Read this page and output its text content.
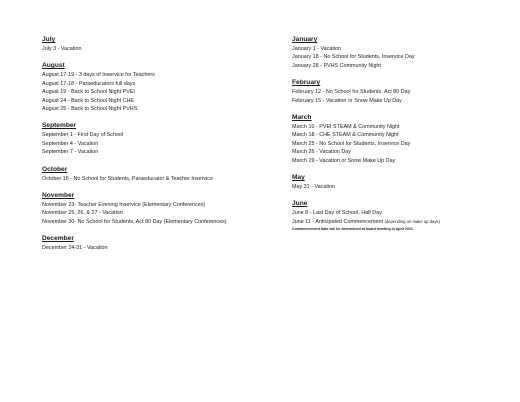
July
July 3 - Vacation
August
August 17-19 - 3 days of Inservice for Teachers
August 17-18 - Paraeducators full days
August 19 - Back to School Night PVEI
August 24 - Back to School Night CHE
August 25 - Back to School Night PVHS
September
September 1 - First Day of School
September 4 - Vacation
September 7 - Vacation
October
October 16 - No School for Students, Paraeducator & Teacher Inservice
November
November 23- Teacher Evening Inservice (Elementary Conferences)
November 25, 26, & 27 - Vacation
November 30- No School for Students, Act 80 Day (Elementary Conferences)
December
December 24-31 - Vacation
January
January 1 - Vacation
January 18 - No School for Students, Inservice Day
January 28 - PVHS Community Night
February
February 12 - No School for Students, Act 80 Day
February 15 - Vacation or Snow Make Up Day
March
March 10 - PVEI STEAM & Community Night
March 18 - CHE STEAM & Community Night
March 25 - No School for Students, Inservice Day
March 26 - Vacation Day
March 29 - Vacation or Snow Make Up Day
May
May 31 - Vacation
June
June 8 - Last Day of School, Half Day
June 11 - Anticipated Commencement (depending on make up days)
Commencement date will be determined at board meeting in April 2021
